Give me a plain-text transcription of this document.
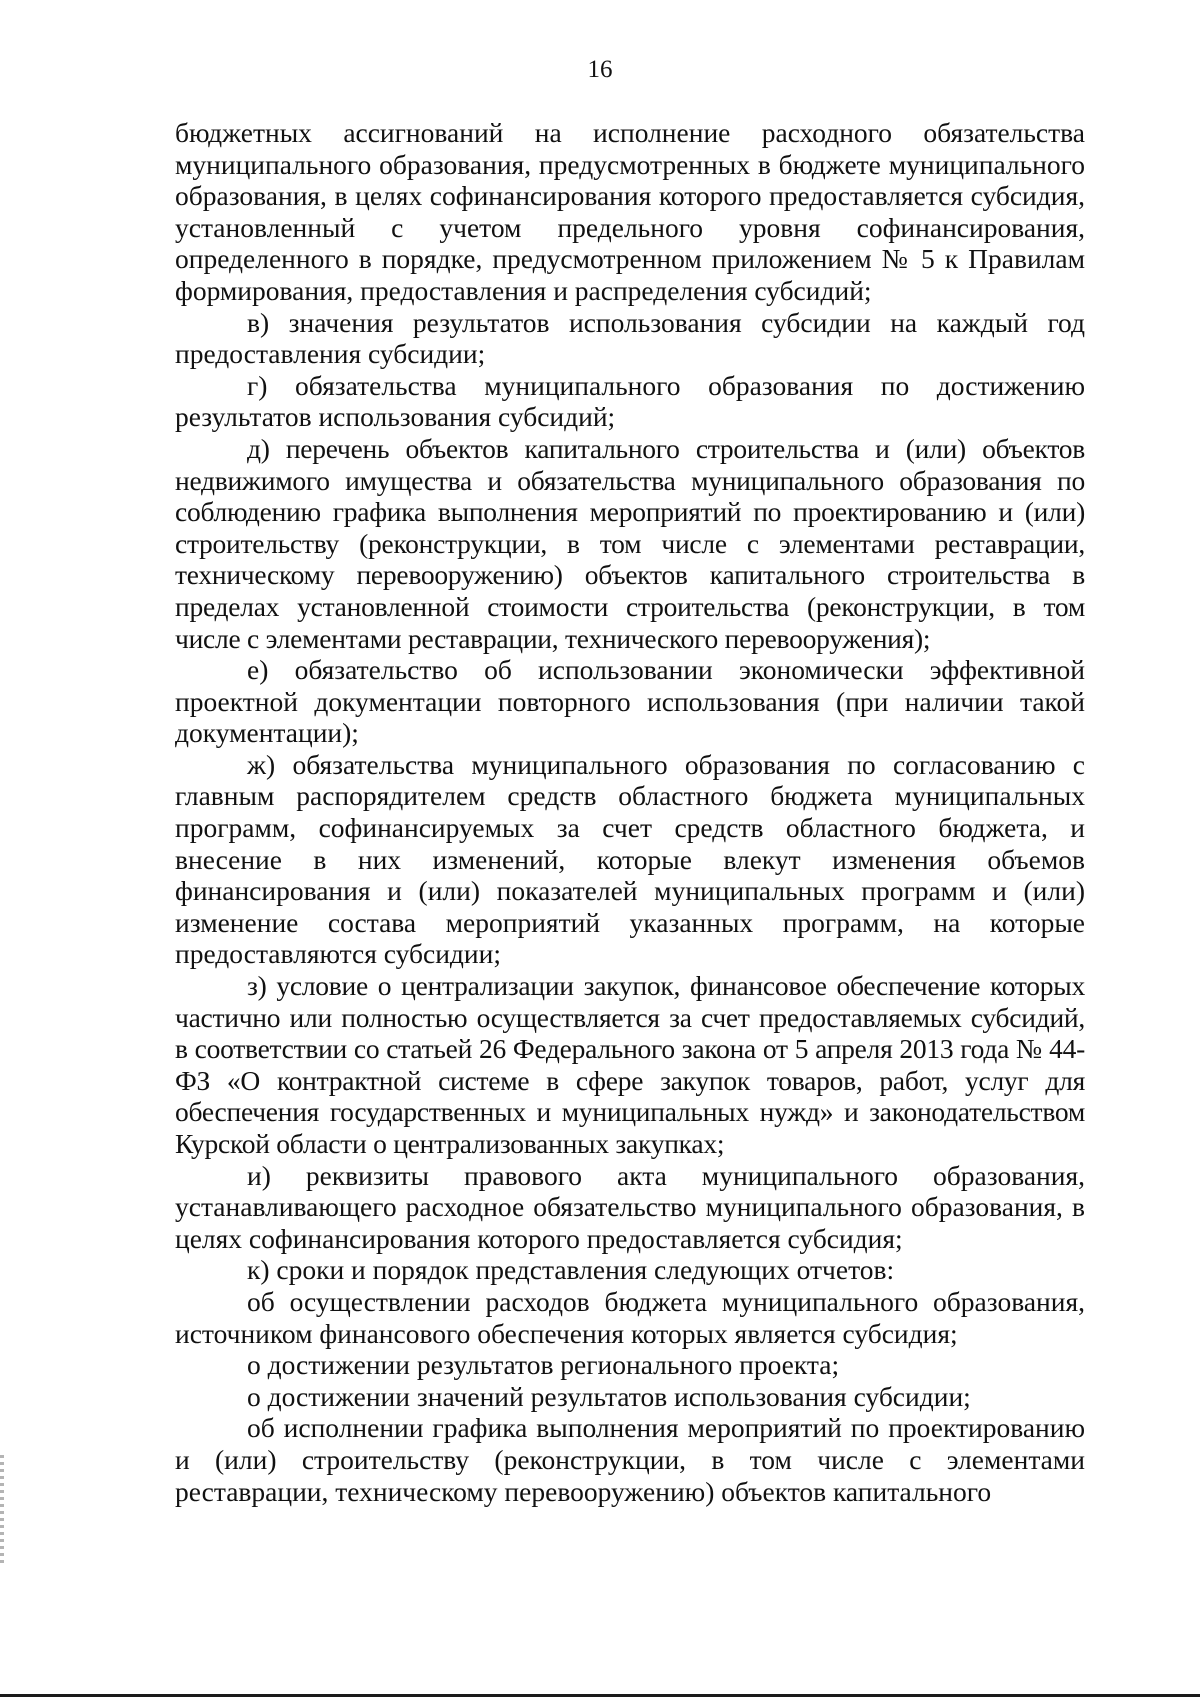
16

бюджетных ассигнований на исполнение расходного обязательства муниципального образования, предусмотренных в бюджете муниципального образования, в целях софинансирования которого предоставляется субсидия, установленный с учетом предельного уровня софинансирования, определенного в порядке, предусмотренном приложением № 5 к Правилам формирования, предоставления и распределения субсидий;

в) значения результатов использования субсидии на каждый год предоставления субсидии;

г) обязательства муниципального образования по достижению результатов использования субсидий;

д) перечень объектов капитального строительства и (или) объектов недвижимого имущества и обязательства муниципального образования по соблюдению графика выполнения мероприятий по проектированию и (или) строительству (реконструкции, в том числе с элементами реставрации, техническому перевооружению) объектов капитального строительства в пределах установленной стоимости строительства (реконструкции, в том числе с элементами реставрации, технического перевооружения);

е) обязательство об использовании экономически эффективной проектной документации повторного использования (при наличии такой документации);

ж) обязательства муниципального образования по согласованию с главным распорядителем средств областного бюджета муниципальных программ, софинансируемых за счет средств областного бюджета, и внесение в них изменений, которые влекут изменения объемов финансирования и (или) показателей муниципальных программ и (или) изменение состава мероприятий указанных программ, на которые предоставляются субсидии;

з) условие о централизации закупок, финансовое обеспечение которых частично или полностью осуществляется за счет предоставляемых субсидий, в соответствии со статьей 26 Федерального закона от 5 апреля 2013 года № 44-ФЗ «О контрактной системе в сфере закупок товаров, работ, услуг для обеспечения государственных и муниципальных нужд» и законодательством Курской области о централизованных закупках;

и) реквизиты правового акта муниципального образования, устанавливающего расходное обязательство муниципального образования, в целях софинансирования которого предоставляется субсидия;

к) сроки и порядок представления следующих отчетов:

об осуществлении расходов бюджета муниципального образования, источником финансового обеспечения которых является субсидия;

о достижении результатов регионального проекта;

о достижении значений результатов использования субсидии;

об исполнении графика выполнения мероприятий по проектированию и (или) строительству (реконструкции, в том числе с элементами реставрации, техническому перевооружению) объектов капитального
